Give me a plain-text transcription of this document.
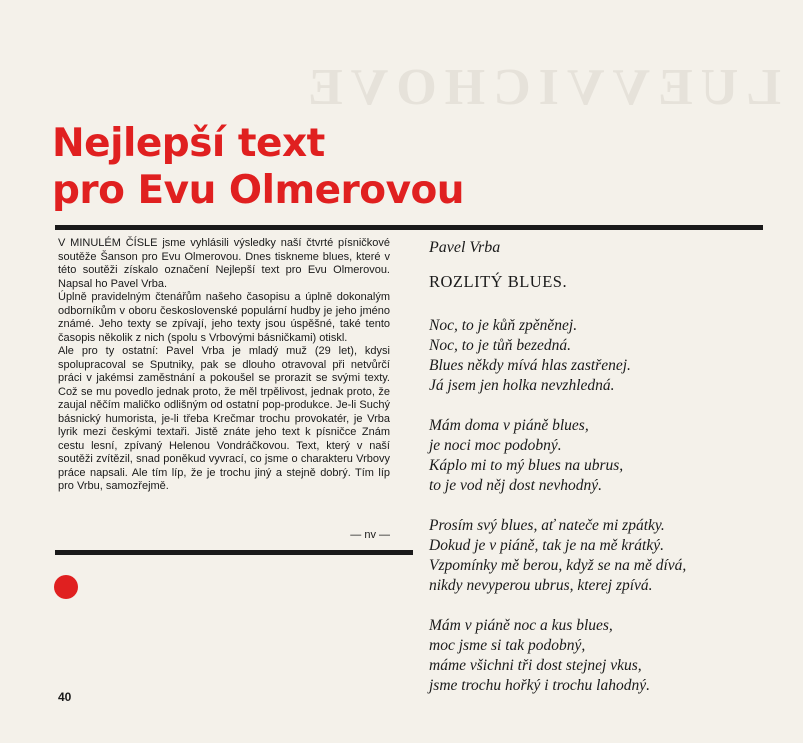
LUEVVICHOVE
Nejlepší text
pro Evu Olmerovou

V MINULÉM ČÍSLE jsme vyhlásili výsledky naší čtvrté písničkové soutěže Šanson pro Evu Olmerovou. Dnes tiskneme blues, které v této soutěži získalo označení Nejlepší text pro Evu Olmerovou. Napsal ho Pavel Vrba.

Úplně pravidelným čtenářům našeho časopisu a úplně dokonalým odborníkům v oboru československé populární hudby je jeho jméno známé. Jeho texty se zpívají, jeho texty jsou úspěšné, také tento časopis několik z nich (spolu s Vrbovými básničkami) otiskl.

Ale pro ty ostatní: Pavel Vrba je mladý muž (29 let), kdysi spolupracoval se Sputniky, pak se dlouho otravoval při netvůrčí práci v jakémsi zaměstnání a pokoušel se prorazit se svými texty. Což se mu povedlo jednak proto, že měl trpělivost, jednak proto, že zaujal něčím maličko odlišným od ostatní pop-produkce. Je-li Suchý básnický humorista, je-li třeba Krečmar trochu provokatér, je Vrba lyrik mezi českými textaři. Jistě znáte jeho text k písničce Znám cestu lesní, zpívaný Helenou Vondráčkovou. Text, který v naší soutěži zvítězil, snad poněkud vyvrací, co jsme o charakteru Vrbovy práce napsali. Ale tím líp, že je trochu jiný a stejně dobrý. Tím líp pro Vrbu, samozřejmě.

— nv —
40
Pavel Vrba
ROZLITÝ BLUES.
Noc, to je kůň zpěněnej.
Noc, to je tůň bezedná.
Blues někdy mívá hlas zastřenej.
Já jsem jen holka nevzhledná.
Mám doma v piáně blues,
je noci moc podobný.
Káplo mi to mý blues na ubrus,
to je vod něj dost nevhodný.
Prosím svý blues, ať nateče mi zpátky.
Dokud je v piáně, tak je na mě krátký.
Vzpomínky mě berou, když se na mě dívá,
nikdy nevyperou ubrus, kterej zpívá.
Mám v piáně noc a kus blues,
moc jsme si tak podobný,
máme všichni tři dost stejnej vkus,
jsme trochu hořký i trochu lahodný.
